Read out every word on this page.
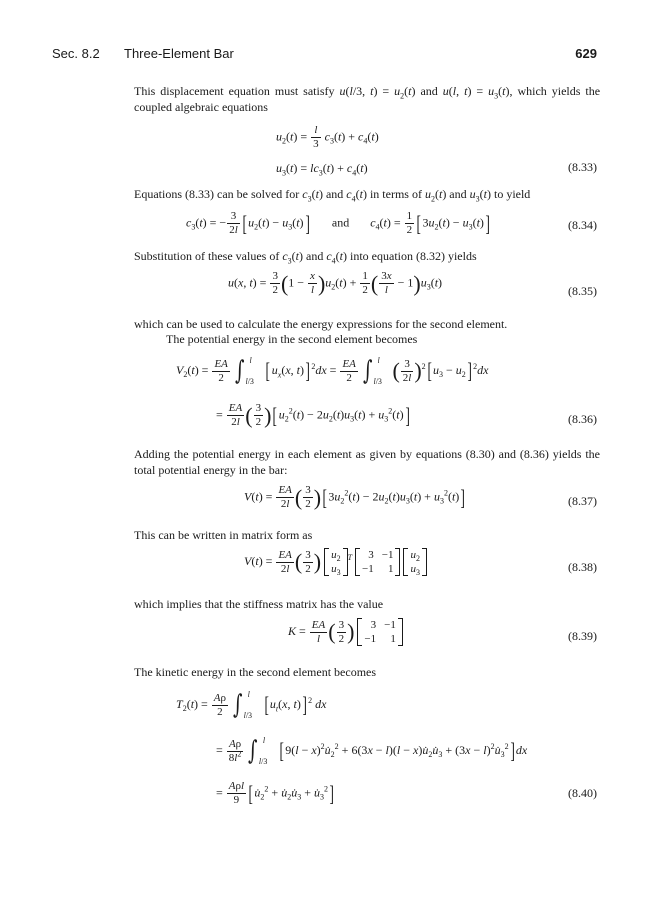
Sec. 8.2 Three-Element Bar	629
This displacement equation must satisfy u(l/3, $t) = u_2(t)$ and u(l, $t) = u_3(t)$, which yields the coupled algebraic equations
$u_2(t) = \frac{l}{3} c_3(t) + c_4(t)$
$u_3(t) = lc_3(t) + c_4(t)$	(8.33)
Equations (8.33) can be solved for $c_3(t)$ and $c_4(t)$ in terms of $u_2(t)$ and $u_3(t)$ to yield
$c_3(t)$ = − $\frac{3}{2l} [u_2(t) - u_3(t)]$ and $c_4(t) = \frac{1}{2} [3u_2(t) - u_3(t)]$	(8.34)
Substitution of these values of $c_3(t)$ and $c_4(t)$ into equation (8.32) yields
u(x, $t) = \frac{3}{2} (1 - \frac{x}{l} )u_2(t) + \frac{1}{2}$ ( $\frac{3x}{l} - 1)u_3(t)$
(8.35)
which can be used to calculate the energy expressions for the second element.
The potential energy in the second element becomes
$V_2(t) = \frac{EA}{2}$ ∫ l
l/3 [$u_x(x$, $t)]^2dx = \frac{EA}{2}$ ∫ l
l/3 ( $\frac{3}{2l} )^2[u_3 - u_2]^2dx$
= $\frac{EA}{2l}$ ( $\frac{3}{2} )[u_2^2(t) - 2u_2(t)u_3(t) + u_3^2(t)]$	(8.36)
Adding the potential energy in each element as given by equations (8.30) and (8.36) yields the total potential energy in the bar:
$V(t) = \frac{EA}{2l}$ ( $\frac{3}{2} )[3u_2^2(t) - 2u_2(t)u_3(t) + u_3^2(t)]$	(8.37)
This can be written in matrix form as
$V(t) = \frac{EA}{2l}$ ( $\frac{3}{2}$ ) $u_2$
$u_3^T$ 3	−1
−1	1
$u_2$
$u_3$	(8.38)
which implies that the stiffness matrix has the value
$K = \frac{EA}{l}$ ( $\frac{3}{2}$ ) 3	−1
−1	1	(8.39)
The kinetic energy in the second element becomes
$T_2(t) = \frac{A\rho}{2}$ ∫ l
l/3 [$u_t(x$, t)]$^2$ dx
= $\frac{A\rho}{8l^2}$ ∫ l
l/3 [$9(l - x)^2u̇_2^2 + 6(3x - l)(l$ − $x)u̇_2u̇_3 + (3x$ − $l)^2u̇_3^2]dx$
= $\frac{\text{Aρl}}{9}$ [$u̇_2^2$ + $u̇_2u̇_3$ + $u̇_3^2$]	(8.40)
